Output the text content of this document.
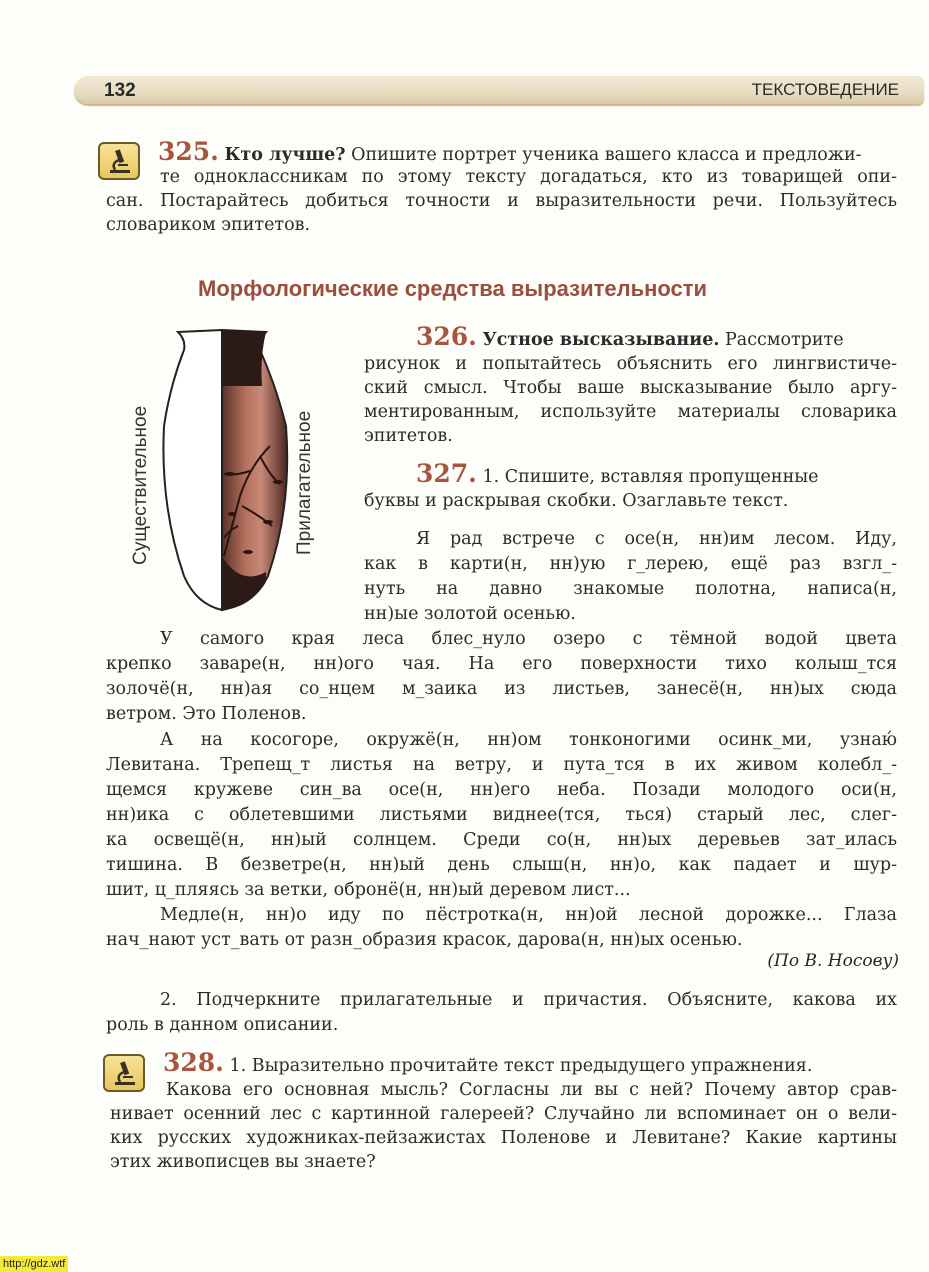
132	ТЕКСТОВЕДЕНИЕ
325. Кто лучше? Опишите портрет ученика вашего класса и предложи-
те одноклассникам по этому тексту догадаться, кто из товарищей опи-
сан. Постарайтесь добиться точности и выразительности речи. Пользуйтесь
словариком эпитетов.
Морфологические средства выразительности
Существительное	Прилагательное
326. Устное высказывание. Рассмотрите
рисунок и попытайтесь объяснить его лингвистиче-
ский смысл. Чтобы ваше высказывание было аргу-
ментированным, используйте материалы словарика
эпитетов.
327. 1. Спишите, вставляя пропущенные
буквы и раскрывая скобки. Озаглавьте текст.
Я рад встрече с осе(н, нн)им лесом. Иду,
как в карти(н, нн)ую г_лерею, ещё раз взгл_-
нуть на давно знакомые полотна, написа(н,
нн)ые золотой осенью.
У самого края леса блес_нуло озеро с тёмной водой цвета
крепко заваре(н, нн)ого чая. На его поверхности тихо колыш_тся
золочё(н, нн)ая со_нцем м_заика из листьев, занесё(н, нн)ых сюда
ветром. Это Поленов.
А на косогоре, окружё(н, нн)ом тонконогими осинк_ми, узнаю́
Левитана. Трепещ_т листья на ветру, и путa_тся в их живом колебл_-
щемся кружеве син_ва осе(н, нн)его неба. Позади молодого оси(н,
нн)ика с облетевшими листьями виднее(тся, ться) старый лес, слег-
ка освещё(н, нн)ый солнцем. Среди со(н, нн)ых деревьев зат_илась
тишина. В безветре(н, нн)ый день слыш(н, нн)о, как падает и шур-
шит, ц_пляясь за ветки, обронё(н, нн)ый деревом лист...
Медле(н, нн)о иду по пёстротка(н, нн)ой лесной дорожке... Глаза
нач_нают уст_вать от разн_образия красок, дарова(н, нн)ых осенью.
(По В. Носову)
2. Подчеркните прилагательные и причастия. Объясните, какова их
роль в данном описании.
328. 1. Выразительно прочитайте текст предыдущего упражнения.
Какова его основная мысль? Согласны ли вы с ней? Почему автор срав-
нивает осенний лес с картинной галереей? Случайно ли вспоминает он о вели-
ких русских художниках-пейзажистах Поленове и Левитане? Какие картины
этих живописцев вы знаете?
http://gdz.wtf
